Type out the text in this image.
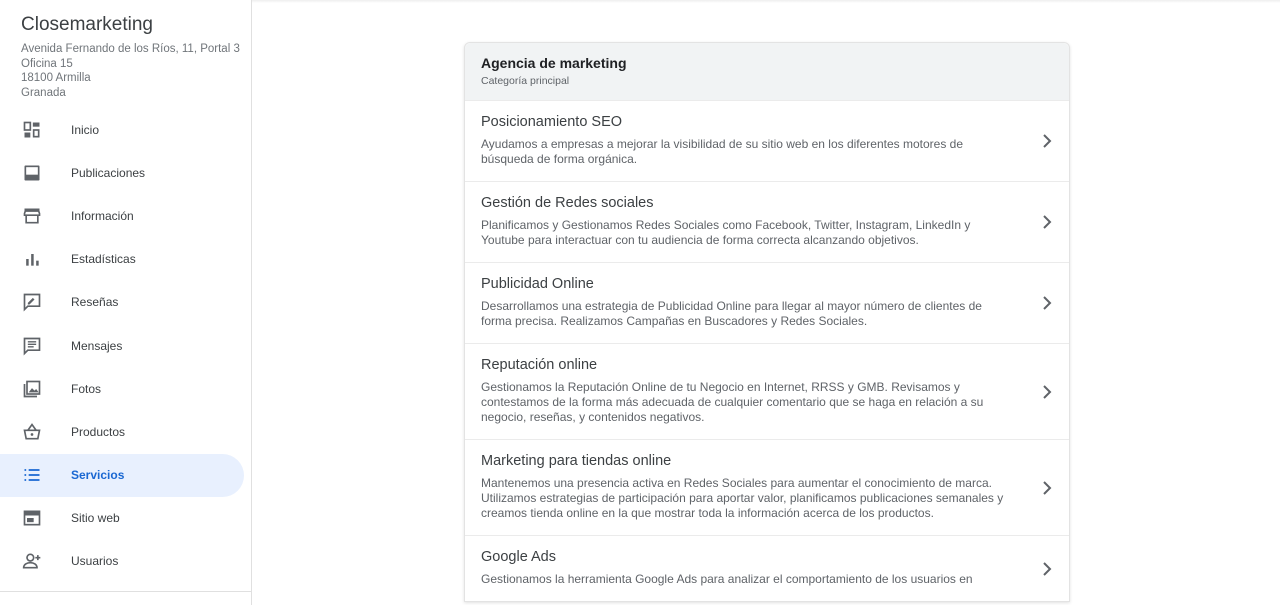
Closemarketing
Avenida Fernando de los Ríos, 11, Portal 3
Oficina 15
18100 Armilla
Granada
Inicio
Publicaciones
Información
Estadísticas
Reseñas
Mensajes
Fotos
Productos
Servicios
Sitio web
Usuarios
Agencia de marketing
Categoría principal
Posicionamiento SEO
Ayudamos a empresas a mejorar la visibilidad de su sitio web en los diferentes motores de búsqueda de forma orgánica.
Gestión de Redes sociales
Planificamos y Gestionamos Redes Sociales como Facebook, Twitter, Instagram, LinkedIn y Youtube para interactuar con tu audiencia de forma correcta alcanzando objetivos.
Publicidad Online
Desarrollamos una estrategia de Publicidad Online para llegar al mayor número de clientes de forma precisa. Realizamos Campañas en Buscadores y Redes Sociales.
Reputación online
Gestionamos la Reputación Online de tu Negocio en Internet, RRSS y GMB. Revisamos y contestamos de la forma más adecuada de cualquier comentario que se haga en relación a su negocio, reseñas, y contenidos negativos.
Marketing para tiendas online
Mantenemos una presencia activa en Redes Sociales para aumentar el conocimiento de marca. Utilizamos estrategias de participación para aportar valor, planificamos publicaciones semanales y creamos tienda online en la que mostrar toda la información acerca de los productos.
Google Ads
Gestionamos la herramienta Google Ads para analizar el comportamiento de los usuarios en
